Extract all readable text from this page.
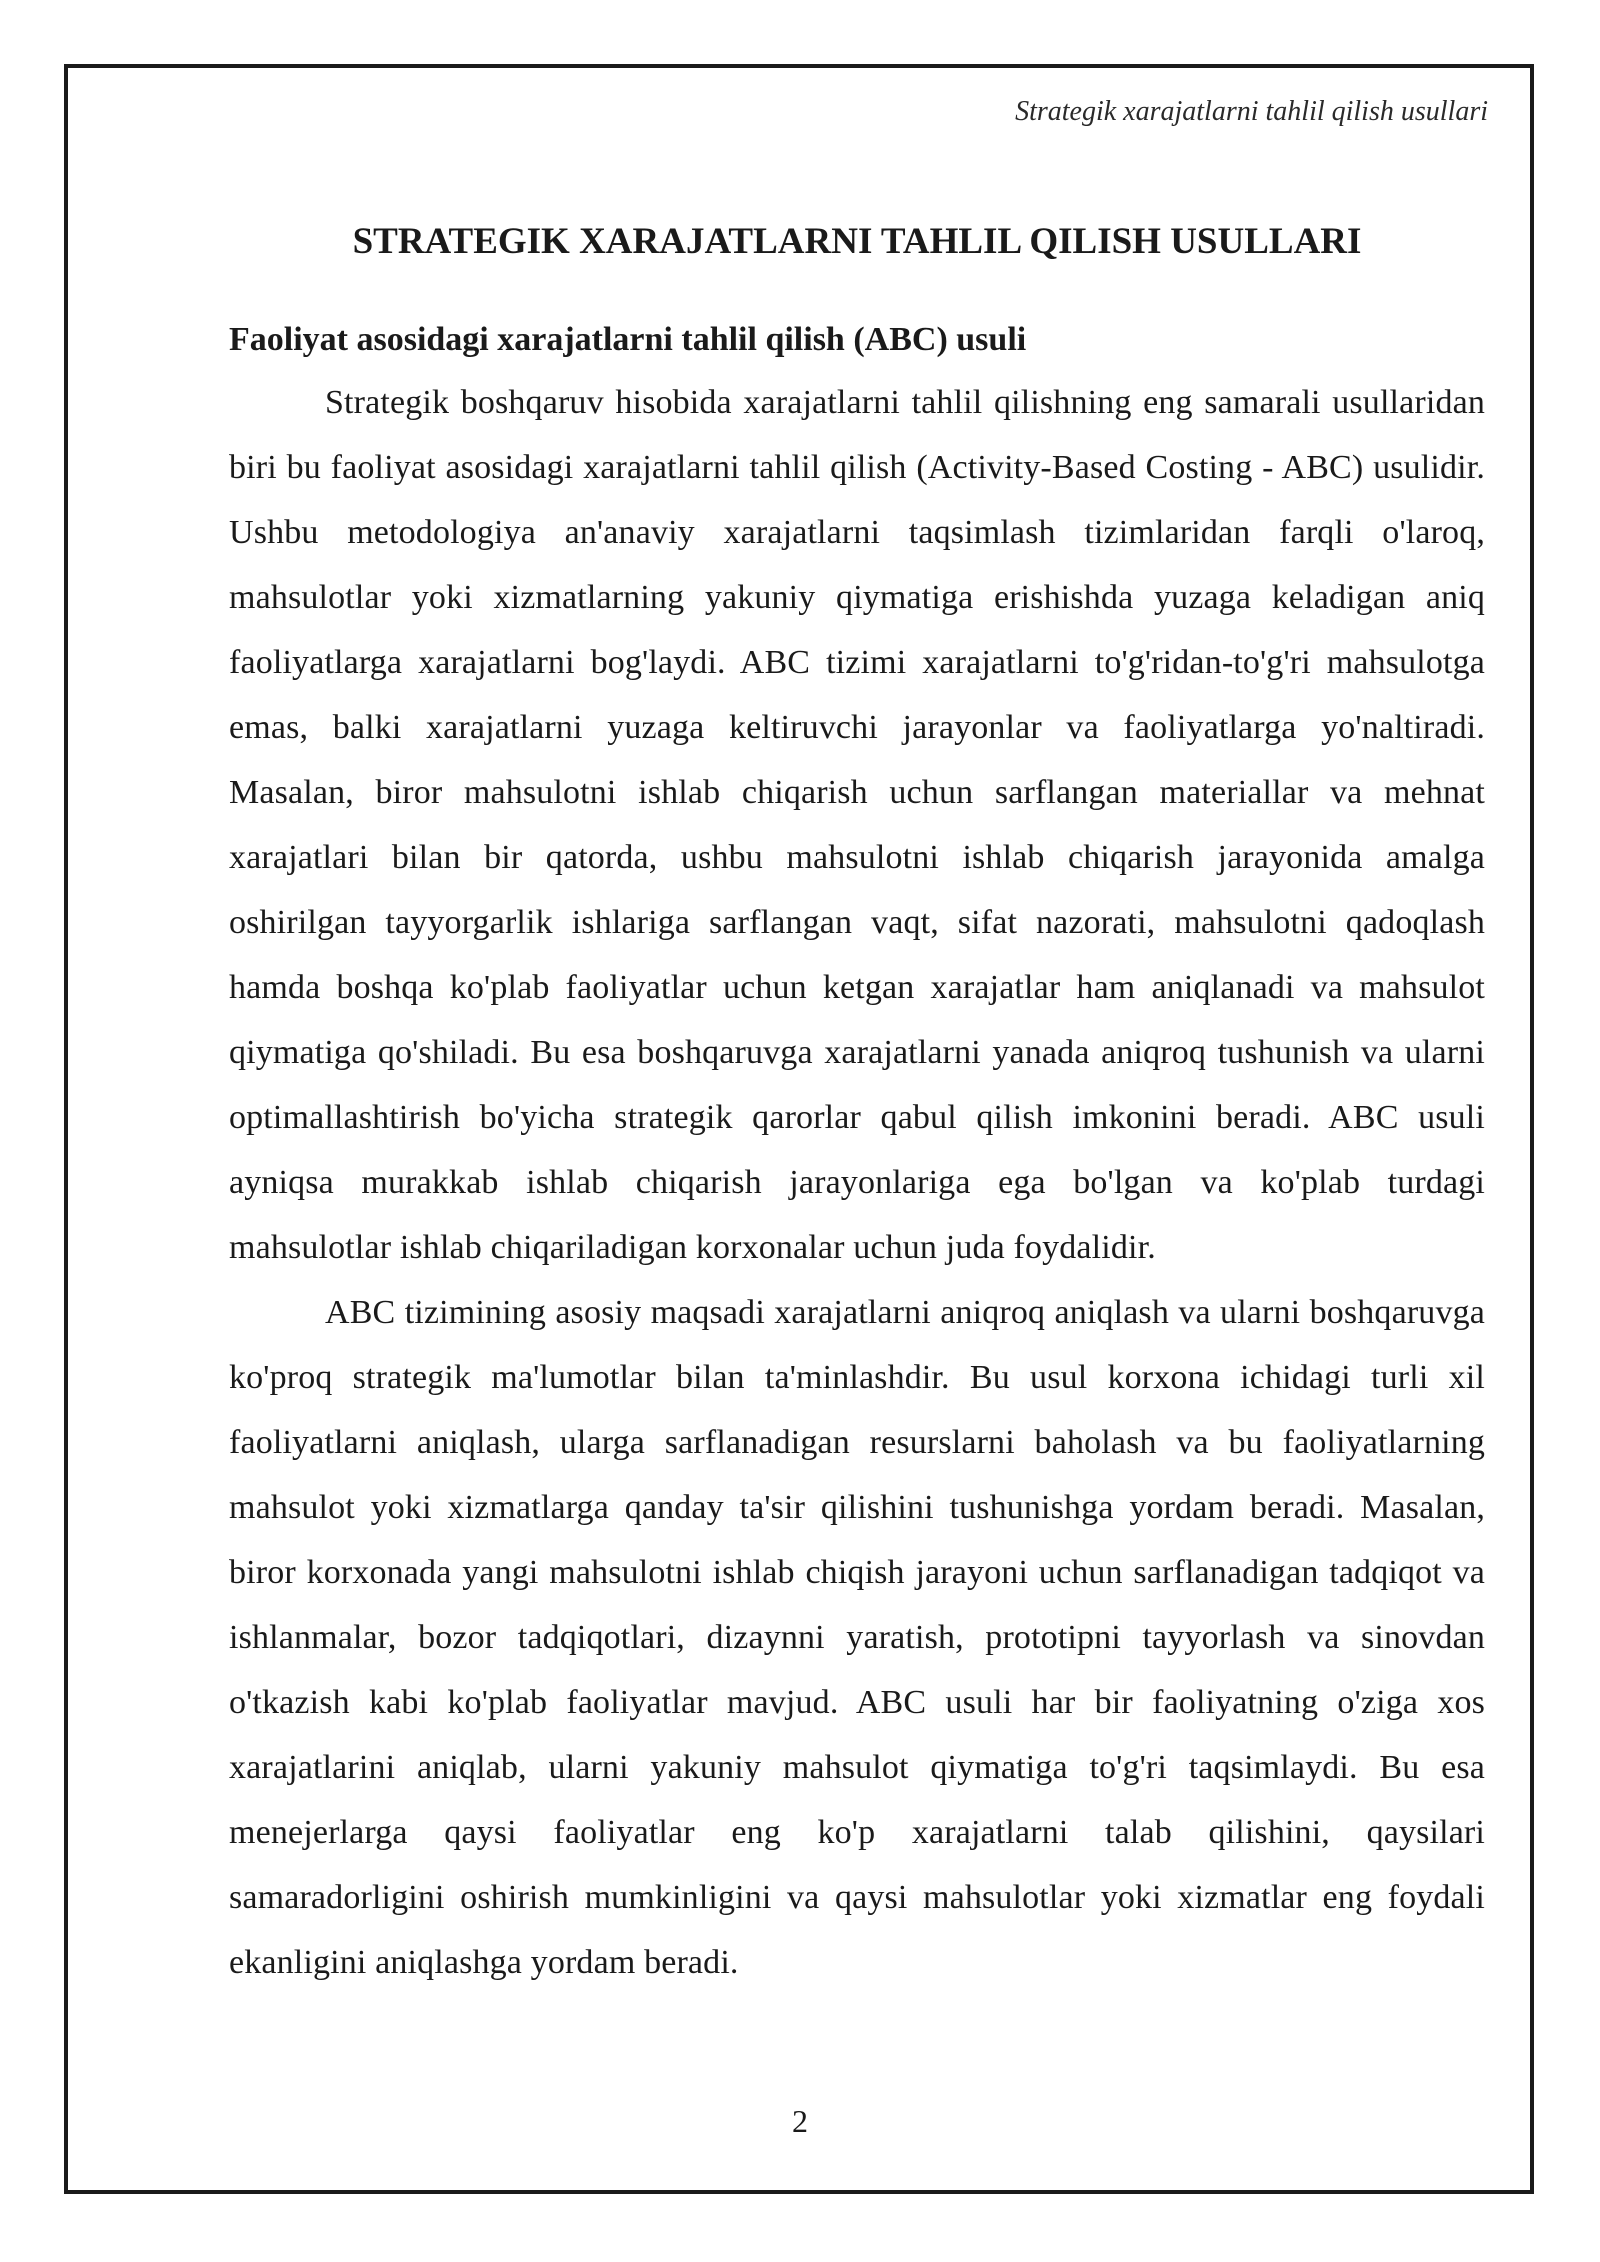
Strategik xarajatlarni tahlil qilish usullari
STRATEGIK XARAJATLARNI TAHLIL QILISH USULLARI
Faoliyat asosidagi xarajatlarni tahlil qilish (ABC) usuli

Strategik boshqaruv hisobida xarajatlarni tahlil qilishning eng samarali usullaridan biri bu faoliyat asosidagi xarajatlarni tahlil qilish (Activity-Based Costing - ABC) usulidir. Ushbu metodologiya an'anaviy xarajatlarni taqsimlash tizimlaridan farqli o'laroq, mahsulotlar yoki xizmatlarning yakuniy qiymatiga erishishda yuzaga keladigan aniq faoliyatlarga xarajatlarni bog'laydi. ABC tizimi xarajatlarni to'g'ridan-to'g'ri mahsulotga emas, balki xarajatlarni yuzaga keltiruvchi jarayonlar va faoliyatlarga yo'naltiradi. Masalan, biror mahsulotni ishlab chiqarish uchun sarflangan materiallar va mehnat xarajatlari bilan bir qatorda, ushbu mahsulotni ishlab chiqarish jarayonida amalga oshirilgan tayyorgarlik ishlariga sarflangan vaqt, sifat nazorati, mahsulotni qadoqlash hamda boshqa ko'plab faoliyatlar uchun ketgan xarajatlar ham aniqlanadi va mahsulot qiymatiga qo'shiladi. Bu esa boshqaruvga xarajatlarni yanada aniqroq tushunish va ularni optimallashtirish bo'yicha strategik qarorlar qabul qilish imkonini beradi. ABC usuli ayniqsa murakkab ishlab chiqarish jarayonlariga ega bo'lgan va ko'plab turdagi mahsulotlar ishlab chiqariladigan korxonalar uchun juda foydalidir.

ABC tizimining asosiy maqsadi xarajatlarni aniqroq aniqlash va ularni boshqaruvga ko'proq strategik ma'lumotlar bilan ta'minlashdir. Bu usul korxona ichidagi turli xil faoliyatlarni aniqlash, ularga sarflanadigan resurslarni baholash va bu faoliyatlarning mahsulot yoki xizmatlarga qanday ta'sir qilishini tushunishga yordam beradi. Masalan, biror korxonada yangi mahsulotni ishlab chiqish jarayoni uchun sarflanadigan tadqiqot va ishlanmalar, bozor tadqiqotlari, dizaynni yaratish, prototipni tayyorlash va sinovdan o'tkazish kabi ko'plab faoliyatlar mavjud. ABC usuli har bir faoliyatning o'ziga xos xarajatlarini aniqlab, ularni yakuniy mahsulot qiymatiga to'g'ri taqsimlaydi. Bu esa menejerlarga qaysi faoliyatlar eng ko'p xarajatlarni talab qilishini, qaysilari samaradorligini oshirish mumkinligini va qaysi mahsulotlar yoki xizmatlar eng foydali ekanligini aniqlashga yordam beradi.

2
